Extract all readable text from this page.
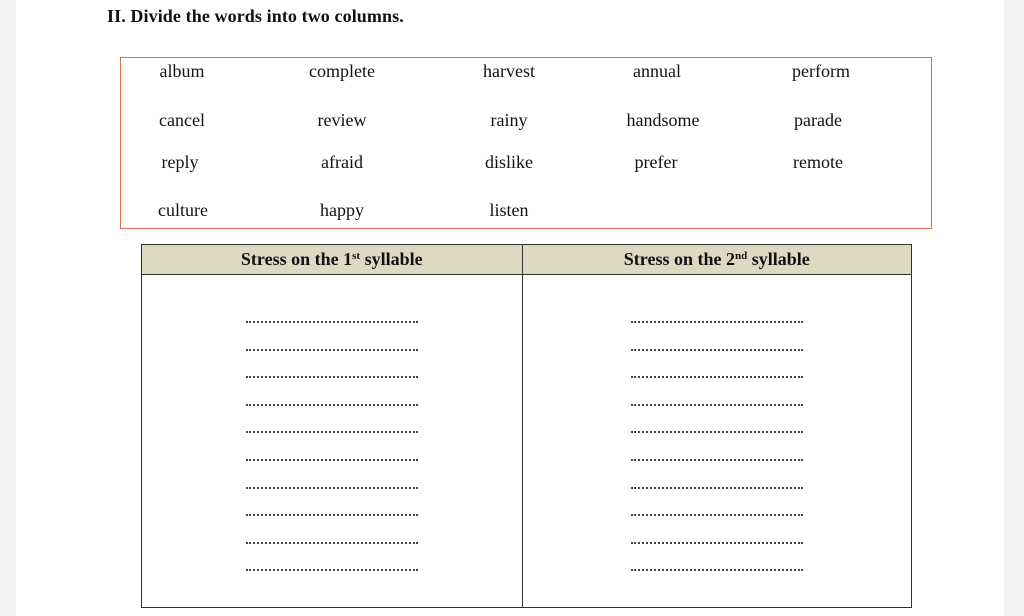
II. Divide the words into two columns.
album	complete	harvest	annual	perform
cancel	review	rainy	handsome	parade
reply	afraid	dislike	prefer	remote
culture	happy	listen
Stress on the 1st syllable	Stress on the 2nd syllable
